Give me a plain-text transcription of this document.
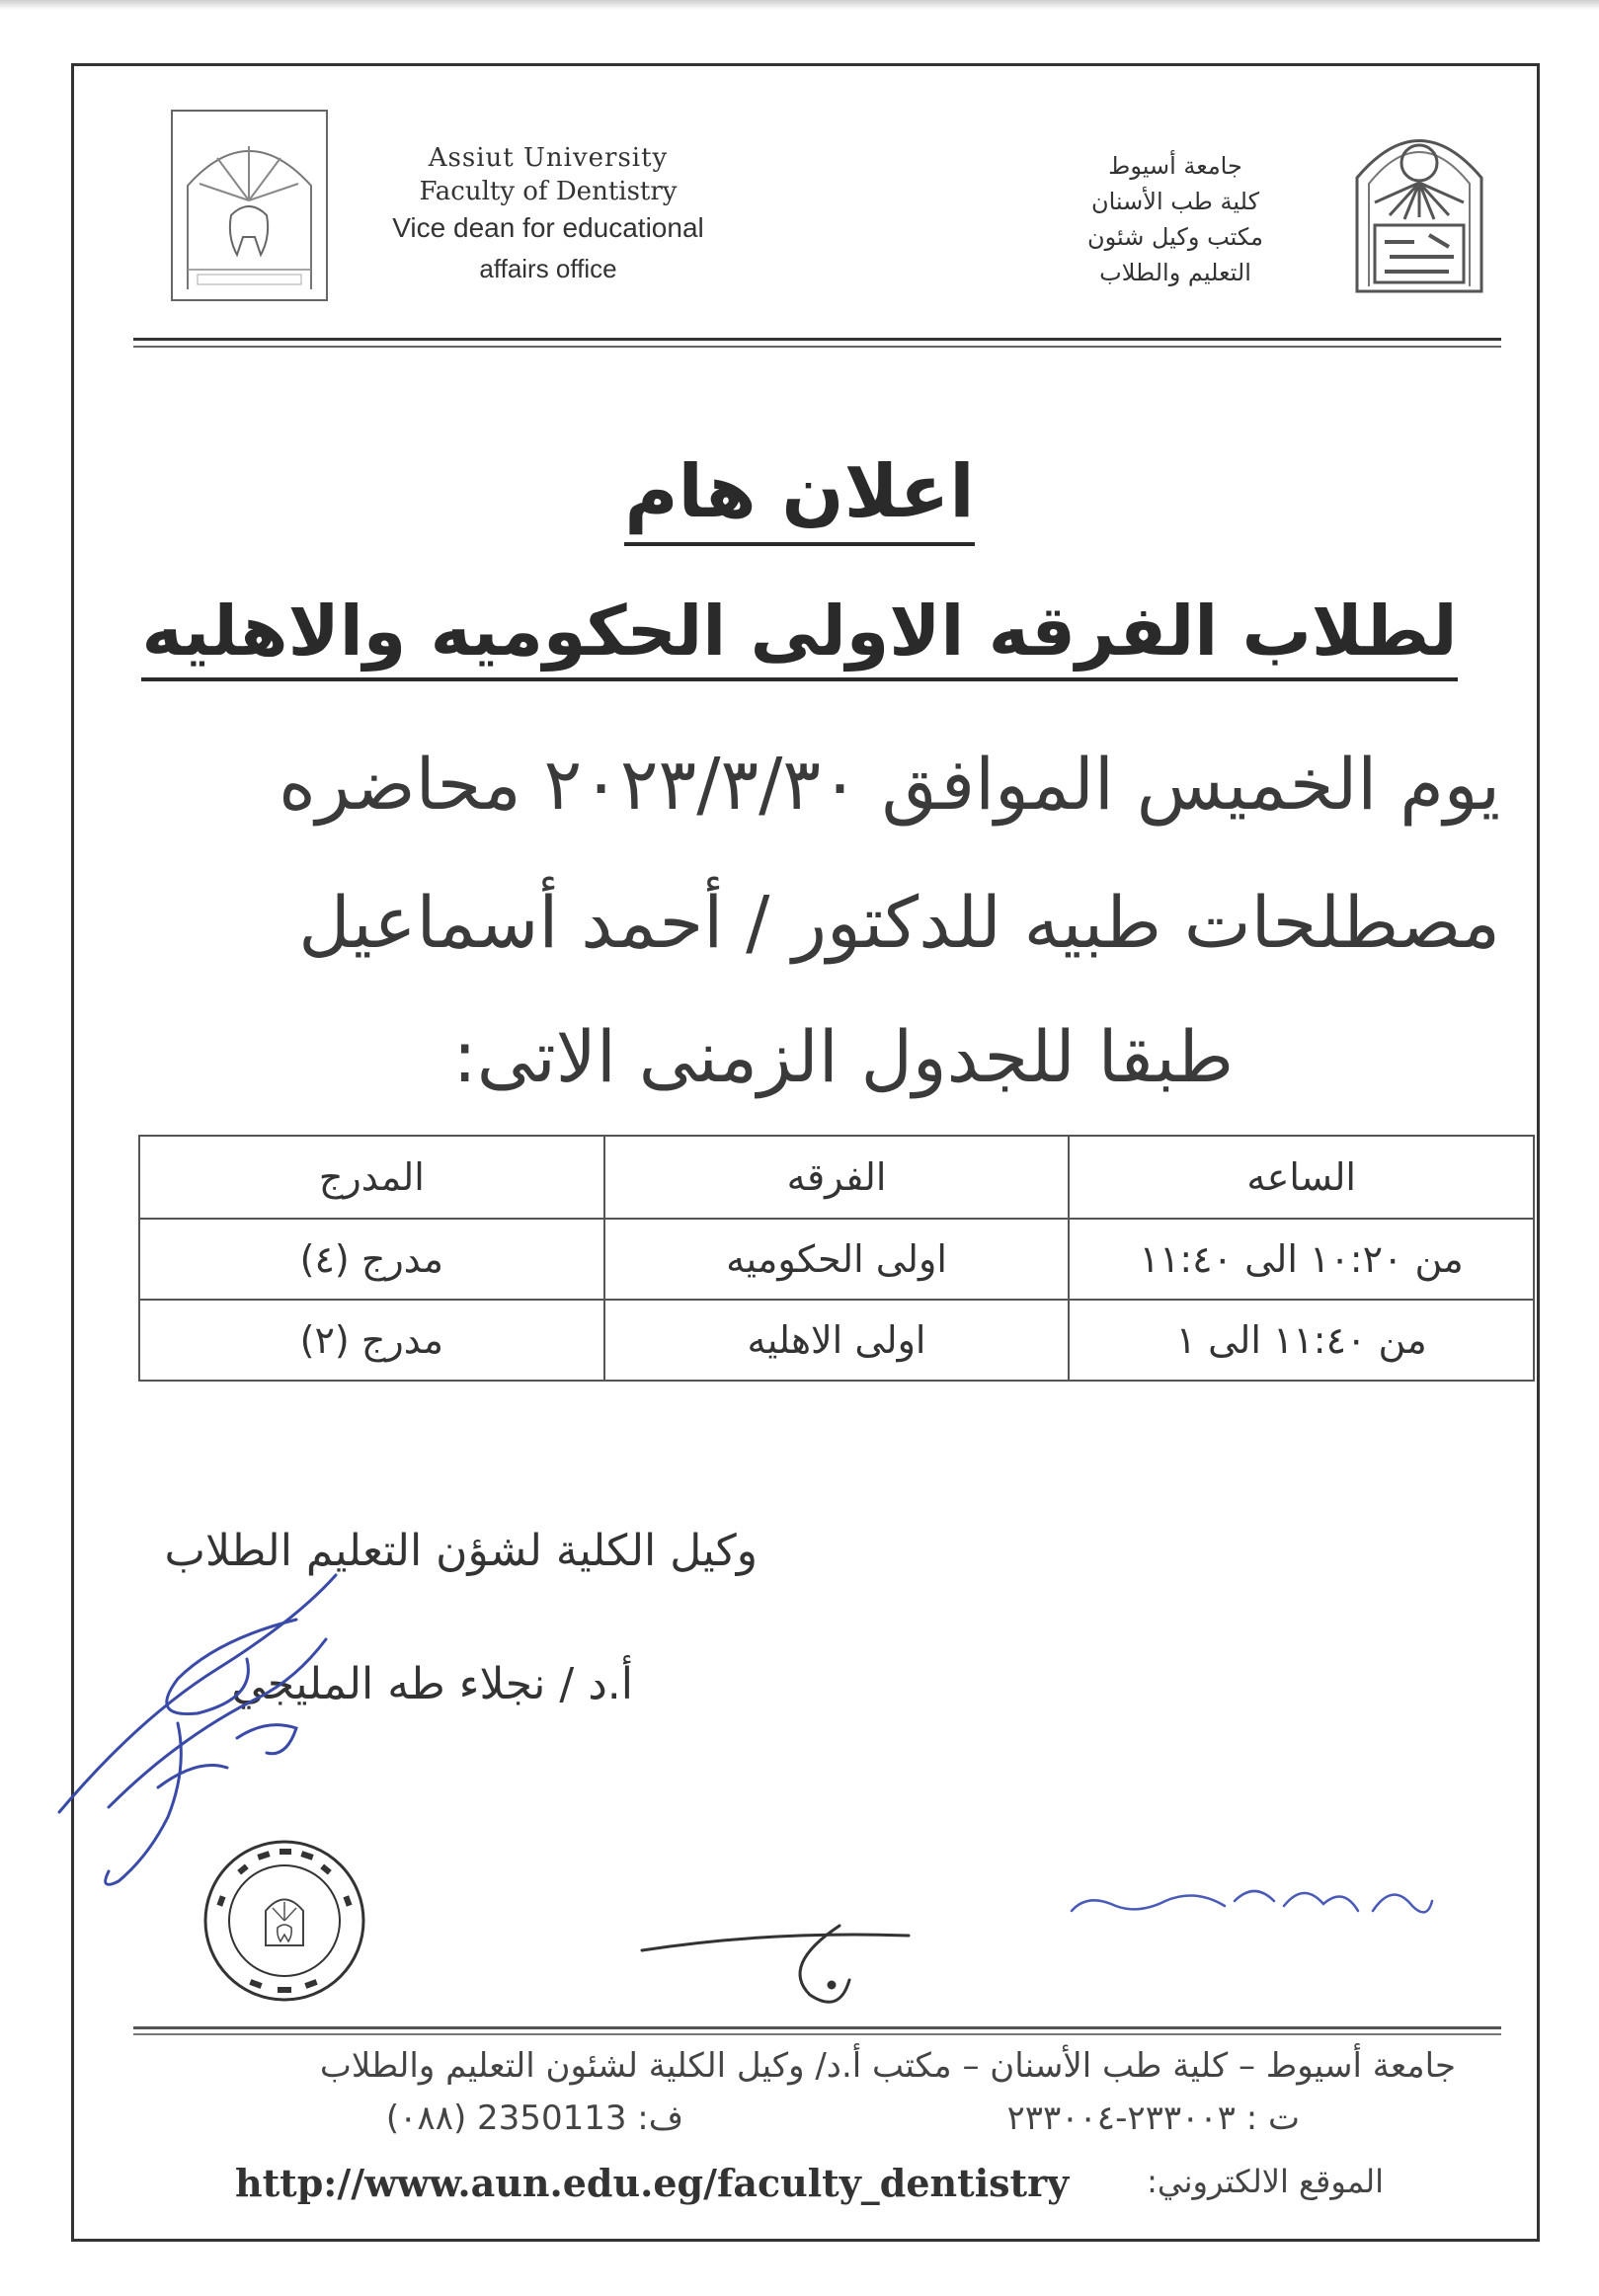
Assiut University
Faculty of Dentistry
Vice dean for educational
affairs office
جامعة أسيوط
كلية طب الأسنان
مكتب وكيل شئون
التعليم والطلاب
اعلان هام
لطلاب الفرقه الاولى الحكوميه والاهليه
يوم الخميس الموافق ٢٠٢٣/٣/٣٠ محاضره
مصطلحات طبيه للدكتور / أحمد أسماعيل
طبقا للجدول الزمنى الاتى:
الساعه	الفرقه	المدرج
من ١٠:٢٠ الى ١١:٤٠	اولى الحكوميه	مدرج (٤)
من ١١:٤٠ الى ١	اولى الاهليه	مدرج (٢)
وكيل الكلية لشؤن التعليم الطلاب
أ.د / نجلاء طه المليجي
جامعة أسيوط – كلية طب الأسنان – مكتب أ.د/ وكيل الكلية لشئون التعليم والطلاب
ت : ٢٣٣٠٠٣-٢٣٣٠٠٤
ف: 2350113 (٠٨٨)
http://www.aun.edu.eg/faculty_dentistry الموقع الالكتروني:
